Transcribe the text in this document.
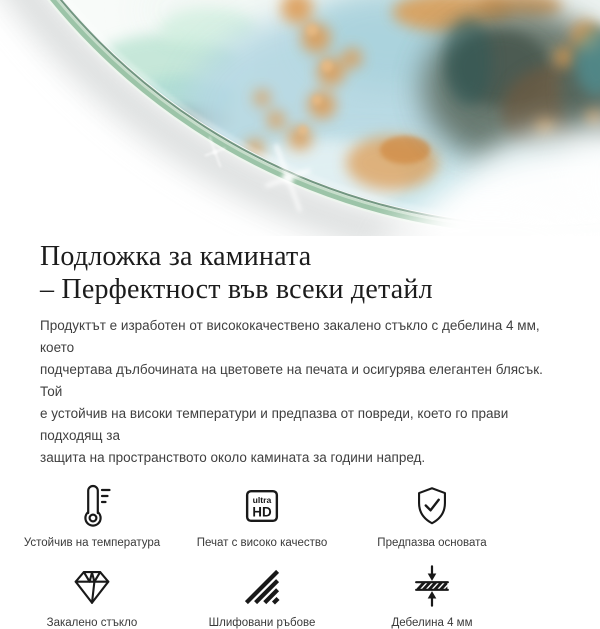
Подложка за камината
– Перфектност във всеки детайл

Продуктът е изработен от висококачествено закалено стъкло с дебелина 4 мм, което
подчертава дълбочината на цветовете на печата и осигурява елегантен блясък. Той
е устойчив на високи температури и предпазва от повреди, което го прави подходящ за
защита на пространството около камината за години напред.

Устойчив на температура
ultra
HD
Печат с високо качество	Предпазва основата
Закалено стъкло	Шлифовани ръбове	Дебелина 4 мм
